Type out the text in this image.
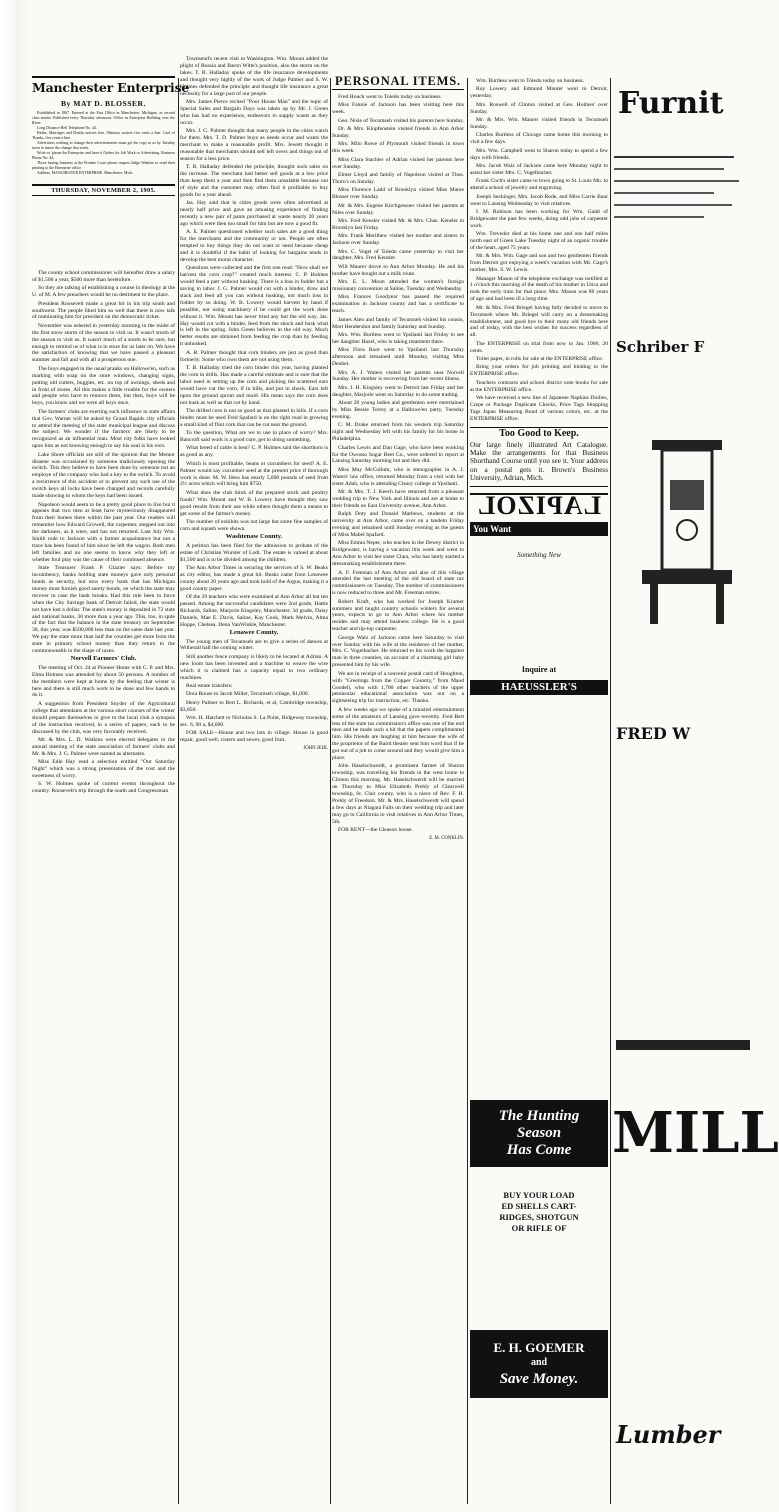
Manchester Enterprise
By MAT D. BLOSSER.

Established in 1867. Entered at the Post Office in Manchester, Michigan, as second class matter. Published every Thursday afternoon. Office in Enterprise Building over the River.

Long Distance Bell Telephone No. 44.

Births, Marriages and Deaths notices free. Obituary notices five cents a line. Card of Thanks, five cents a line.

Advertisers wishing to change their advertisements must get the copy to us by Tuesday noon to insure the change that week.

Write or 'phone the Enterprise and have it Orders for Job Work or Advertising. Business Phone No. 44.

Those having business at the Probate Court please request Judge Watkins to send their printing to the Enterprise office.

Address, MANCHESTER ENTERPRISE, Manchester, Mich.

THURSDAY, NOVEMBER 2, 1905.

The county school commissioner will hereafter draw a salary of $1,500 a year, $500 more than heretofore.

So they are talking of establishing a course in theology at the U. of M. A few preachers would be no detriment to the place.

President Roosevelt made a great hit in his trip south and southwest. The people liked him so well that there is now talk of nominating him for president on the democratic ticket.

November was ushered in yesterday morning in the midst of the first snow storm of the season to visit us. It wasn't storm of the season to visit us. It wasn't much of a storm to be sure, but enough to remind us of what is in store for us later on. We have the satisfaction of knowing that we have passed a pleasant summer and fall and with all a prosperous one.

The boys engaged in the usual pranks on Hallowe'en, such as marking with soap on the store windows, changing signs, putting old cutters, buggies, etc. on top of awnings, sheds and in front of stores. All this makes a little trouble for the owners and people who have to remove them, but then, boys will be boys, you know and we were all boys once.

The farmers' clubs are exerting such influence in state affairs that Gov. Warner will be asked by Grand Rapids city officials to attend the meeting of the state municipal league and discuss the subject. We wonder if the farmers' are likely to be recognized as an influential man. Most city folks have looked upon him as not knowing enough to say his soul is his own.

Lake Shore officials are still of the opinion that the Mentor disaster was occasioned by someone maliciously opening the switch. This they believe to have been done by someone not an employe of the company who had a key to the switch. To avoid a recurrence of this accident or to prevent any such use of the switch keys all locks have been changed and records carefully made showing to whom the keys had been issued.

Napoleon would seem to be a pretty good place to live but it appears that two men at least have mysteriously disappeared from their homes there within the past year. Our readers will remember how Edward Growell, the carpenter, stepped out into the darkness, as it were, and has not returned. Last July Wm. Smith rode to Jackson with a farmer acquaintance but not a trace has been found of him since he left the wagon. Both men left families and no one seems to know why they left or whether foul play was the cause of their continued absence.

State Treasurer Frank P. Glazier says: Before my incumbency, banks holding state moneys gave only personal bonds as security, but now every bank that has Michigan money must furnish good surety bonds, on which the state may recover in case the bank breaks. Had this rule been in force when the City Savings bank of Detroit failed, the state would not have lost a dollar. The state's money is deposited in 72 state and national banks, 30 more than a year ago. This, too, in spite of the fact that the balance in the state treasury on September 30, this year, was $500,000 less than on the same date last year. We pay the state more than half the counties get more from the state in primary school money than they return to the commonwealth in the shape of taxes.

Norvell Farmers' Club.

The meeting of Oct. 24 at Pioneer Home with C. P. and Mrs. Elma Holmes was attended by about 50 persons. A number of the members were kept at home by the feeling that winter is here and there is still much work to be done and few hands to do it.

A suggestion from President Snyder of the Agricultural college that attendants at the various short courses of the winter should prepare themselves to give to the local club a synopsis of the instruction received, in a series of papers, each to be discussed by the club, was very favorably received.

Mr. & Mrs. L. D. Watkins were elected delegates to the annual meeting of the state association of farmers' clubs and Mr. & Mrs. J. G. Palmer were named as alternates.

Miss Edie Hay read a selection entitled "Our Saturday Night" which was a strong presentation of the cost and the sweetness of worry.

S. W. Holmes spoke of current events throughout the country. Roosevelt's trip through the south and Congressman

Townsend's recent visit to Washington. Wm. Mount added the plight of Russia and Baron Witte's position, also the storm on the lakes. T. B. Halladay spoke of the life insurance developments and thought very highly of the work of Judge Palmer and S. W. Holmes defended the principle and thought life insurance a great necessity for a large part of our people.

Mrs. James Pierce recited "Poor House Man" and the topic of Special Sales and Bargain Days was taken up by Mr. J. Green who has had no experience, endeavors to supply wants as they occur.

Mrs. J. G. Palmer thought that many people in the cities watch for them. Mrs. T. D. Palmer buys as needs occur and wants the merchant to make a reasonable profit. Mrs. Jewett thought it reasonable that merchants should sell left overs and things out of season for a less price.

T. B. Halladay defended the principle, thought such sales on the increase. The merchant had better sell goods at a low price than keep them a year and then find them unsalable because out of style and the customer may often find it profitable to buy goods for a year ahead.

Jas. Hay said that in cities goods were often advertised at nearly half price and gave an amusing experience of finding recently a new pair of pants purchased at waste nearly 20 years ago which were then too small for him but are now a good fit.

A. E. Palmer questioned whether such sales are a good thing for the merchants and the community or not. People are often tempted to buy things they do not want or need because cheap and it is doubtful if the habit of looking for bargains tends to develop the best moral character.

Questions were collected and the first one read: "How shall we harvest the corn crop?" created much interest. C. P. Holmes would feed a part without husking. There is a loss in fodder but a saving in labor. J. G. Palmer would cut with a binder, draw and stack and feed all you can without husking, not much loss in fodder by so doing. W. B. Lowery would harvest by hand if possible, not using machinery if he could get the work done without it. Wm. Mount has never tried any but the old way. Jas. Hay would cut with a binder, feed from the shock and husk what is left in the spring. John Green believes in the old way. Much better results are obtained from feeding the crop than by feeding it unhusked.

A. R. Palmer thought that corn binders are just as good than formerly. Some who own them are not using them.

T. B. Halladay tried the corn binder this year, having planted the corn in drills. Has made a careful estimate and is sure that the labor need in setting up the corn and picking the scattered ears would have cut the corn, if in hills, and put in shock. Ears left upon the ground sprout and mold. His mean says the corn does not husk as well as that cut by hand.

The drilled corn is not so good as that planted in hills. If a corn binder must be used Fred Spafard is on the right road in growing a small kind of flint corn that can be cut near the ground.

To the question, What are we to use in place of worry? Mrs. Bancroft said work is a good cure, get to doing something.

What breed of cattle is best? C. P. Holmes said the shorthorn is as good as any.

Which is most profitable, beans or cucumbers for seed? A. E. Palmer would say cucumber seed at the present price if thorough work is done. M. W. Hess has nearly 5,000 pounds of seed from 2½ acres which will bring him $750.

What does the club think of the prepared stock and poultry foods? Wm. Mount and W. B. Lowery have thought they saw good results from their use while others thought them a means to get some of the farmer's money.

The number of exhibits was not large but some fine samples of corn and squash were shown.

Washtenaw County.

A petition has been filed for the admission to probate of the estate of Christian Wurster of Lodi. The estate is valued at about $1,500 and is to be divided among the children.

The Ann Arbor Times in securing the services of S. W. Beaks as city editor, has made a great hit. Beaks came from Lenawee county about 20 years ago and took hold of the Argus, making it a good county paper.

Of the 29 teachers who were examined at Ann Arbor all but ten passed. Among the successful candidates were 2nd grade, Hattie Richards, Saline, Marjorie Kingsley, Manchester. 3d grade, Daisy Daniels, Mae E. Davis, Saline, Kay Cook, Mark Melvin, Alma Hoppe, Chelsea. Dena VanWinkle, Manchester.

Lenawee County.

The young men of Tecumseh are to give a series of dances at Witherall hall the coming winter.

Still another fence company is likely to be located at Adrian. A new loom has been invented and a machine to weave the wire which it is claimed has a capacity equal to two ordinary machines.

Real estate transfers:

Dora Rouse to Jacob Miller, Tecumseh village, $1,000.

Henry Palmer to Bert L. Richards, et al, Cambridge township, $3,850.

Wm. H. Hatchett to Nicholas S. La Point, Ridgeway township, sec. 6, 90 a, $4,000.

FOR SALE—House and two lots in village. House in good repair, good well, cistern and sewer, good fruit.

JOHN JEHL
PERSONAL ITEMS.

Fred Houck went to Toledo today on business.

Miss Fannie of Jackson has been visiting here this week.

Geo. Nisle of Tecumseh visited his parents here Sunday.

Dr. & Mrs. Klopfenstein visited friends in Ann Arbor Sunday.

Mrs. Milo Rowe of Plymouth visited friends in town this week.

Miss Clara Stachler of Adrian visited her parents here over Sunday.

Elmer Lloyd and family of Napoleon visited at Thos. Thorn's on Sunday.

Miss Florence Ladd of Brooklyn visited Miss Maree Blosser over Sunday.

Mr. & Mrs. Eugene Kirchgessner visited her parents at Niles over Sunday.

Mrs. Fred Kensler visited Mr. & Mrs. Chas. Kensler in Brooklyn last Friday.

Mrs. Frank Merithew visited her mother and sisters in Jackson over Sunday.

Mrs. C. Vogel of Toledo came yesterday to visit her daughter, Mrs. Fred Kensler.

Will Maurer drove to Ann Arbor Monday. He and his brother have bought out a milk route.

Mrs. E. L. Moon attended the women's foreign missionary convention at Saline, Tuesday and Wednesday.

Miss Frances Goodyear has passed the required examination in Jackson county and has a certificate to teach.

James Aten and family of Tecumseh visited his cousin, Mort Hendershot and family Saturday and Sunday.

Mrs. Wm. Burtless went to Ypsilanti last Friday to see her daughter Hazel, who is taking treatment there.

Miss Flora Root went to Ypsilanti last Thursday afternoon and remained until Monday, visiting Miss Deubel.

Mrs. A. J. Waters visited her parents near Norvell Sunday. Her mother is recovering from her recent illness.

Mrs. J. H. Kingsley went to Detroit last Friday and her daughter, Marjorie went on Saturday to do some trading.

About 20 young ladies and gentlemen were entertained by Miss Bessie Torrey at a Hallowe'en party, Tuesday evening.

C. M. Drake returned from his western trip Saturday night and Wednesday left with his family for his home in Philadelphia.

Charles Lewis and Dan Gage, who have been working for the Owosso Sugar Beet Co., were ordered to report at Lansing Saturday morning but and they did.

Miss May McCollum, who is stenographer in A. J. Waters' law office, returned Monday from a visit with her sister Adah, who is attending Cleary college at Ypsilanti.

Mr. & Mrs. T. J. Keech have returned from a pleasant wedding trip to New York and Illinois and are at home to their friends on East University avenue, Ann Arbor.

Ralph Doty and Donald Mathews, students at the university at Ann Arbor, came over on a tandem Friday evening and remained until Sunday evening as the guests of Miss Mabel Spafard.

Miss Emma Neper, who teaches in the Dewey district in Bridgewater, is having a vacation this week and went to Ann Arbor to visit her sister Clara, who has lately started a dressmaking establishment there.

A. F. Freeman of Ann Arbor and also of this village attended the last meeting of the old board of state tax commissioners on Tuesday. The number of commissioners is now reduced to three and Mr. Freeman retires.

Robert Kraft, who has worked for Joseph Kramer summers and taught country schools winters for several years, expects to go to Ann Arbor where his mother resides and may attend business college. He is a good teacher and tip-top carpenter.

George Walz of Jackson came here Saturday to visit over Sunday with his wife at the residence of her mother, Mrs. C. Vogelbacher. He returned to his work the happiest man in three counties, on account of a charming girl baby presented him by his wife.

We are in receipt of a souvenir postal card of Houghton, with "Greetings from the Copper Country," from Maud Goodell, who with 1,700 other teachers of the upper peninsular educational association was out on a sightseeing trip for instruction, etc. Thanks.

A few weeks ago we spoke of a minstrel entertainment some of the amateurs of Lansing gave recently. Fred Bert less of the state tax commission's office was one of the end men and he made such a hit that the papers complimented him. His friends are laughing at him because the wife of the proprietor of the Baird theater sent him word that if he got out of a job to come around and they would give him a place.

John Haselschwerdt, a prominent farmer of Sharon township, was travelling his friends in the west home to Clinton this morning. Mr. Haselschwerdt will be married on Thursday to Miss Elizabeth Prehly of Clearwell township, St. Clair county, who is a niece of Rev. F. H. Prehly of Freedom. Mr. & Mrs. Haselschwerdt will spend a few days at Niagara Falls on their wedding trip and later may go to California to visit relatives in Ann Arbor Times, 5th.

FOR RENT—the Gleason house.

E. M. CONKLIN.

Wm. Burtless went to Toledo today on business.

Roy Lowery and Edmund Maurer went to Detroit, yesterday.

Mrs. Roswell of Clinton visited at Geo. Holmes' over Sunday.

Mr. & Mrs. Wm. Maurer visited friends in Tecumseh Sunday.

Charles Burtless of Chicago came home this morning to visit a few days.

Mrs. Wm. Campbell went to Sharon today to spend a few days with friends.

Mrs. Jacob Walz of Jackson came here Monday night to assist her sister Mrs. C. Vogelbacher.

Frank Coch's sister came to town going to St. Louis Mo. to attend a school of jewelry and engraving.

Joseph Sechinger, Mrs. Jacob Rode, and Miss Carrie Baur went to Lansing Wednesday to visit relatives.

I. M. Robison has been working for Wm. Gadd of Bridgewater the past few weeks, doing odd jobs of carpenter work.

Wm. Trevedor died at his home one and one half miles north east of Green Lake Tuesday night of an organic trouble of the heart, aged 75 years.

Mr. & Mrs. Wm. Gage and son and two gentlemen friends from Detroit got enjoying a week's vacation with Mr. Gage's mother, Mrs. S. W. Lewis.

Manager Mason of the telephone exchange was notified at 1 o'clock this morning of the death of his mother in Utica and took the early train for that place. Mrs. Mason was 80 years of age and had been ill a long time.

Mr. & Mrs. Fred Briegel having fully decided to move to Tecumseh where Mr. Briegel will carry on a dressmaking establishment, and good bye to their many old friends here and of today, with the best wishes for success regardless of all.

The ENTERPRISE on trial from now to Jan. 1906, 20 cents.

Toilet paper, in rolls for sale at the ENTERPRISE office.

Bring your orders for job printing and binding to the ENTERPRISE office.

Teachers contracts and school district note books for sale at the ENTERPRISE office.

We have received a new line of Japanese Napkins Doilies, Crepe or Package Duplicate Checks, Price Tags Shopping Tags Japan Measuring Bond of various colors, etc. at the ENTERPRISE office.

Too Good to Keep.
Our large finely illustrated Art Catalogue. Make the arrangements for that Business Shorthand Course until you see it. Your address on a postal gets it. Brown's Business University, Adrian, Mich.
LAPIZOL
You Want
Something New
Inquire at
HAEUSSLER'S
Furnit
Schriber F
FRED W
MILL
Lumber
The Hunting
Season
Has Come
BUY YOUR LOAD
ED SHELLS CART-
RIDGES, SHOTGUN
OR RIFLE OF
E. H. GOEMER
and
Save Money.
